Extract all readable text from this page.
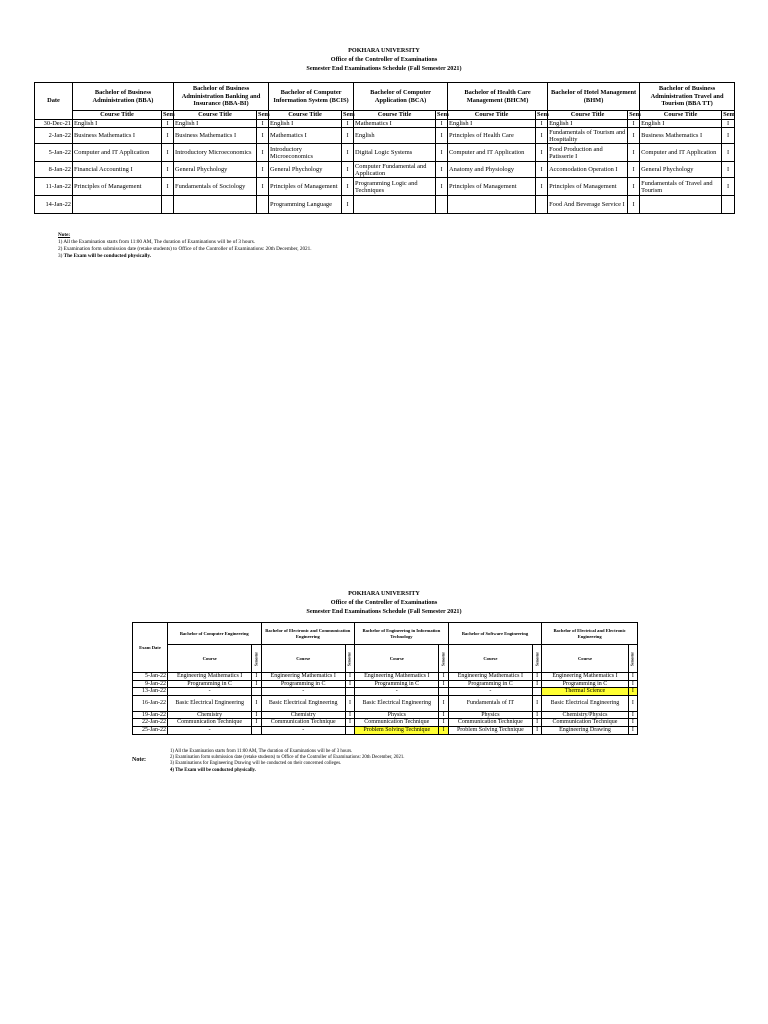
POKHARA UNIVERSITY
Office of the Controller of Examinations
Semester End Examinations Schedule (Fall Semester 2021)
Date	Bachelor of Business Administration (BBA)		Bachelor of Business Administration Banking and Insurance (BBA-BI)		Bachelor of Computer Information System (BCIS)		Bachelor of Computer Application (BCA)		Bachelor of Health Care Management (BHCM)		Bachelor of Hotel Management (BHM)		Bachelor of Business Administration Travel and Tourism (BBA TT)	
	Course Title	Sem	Course Title	Sem	Course Title	Sem	Course Title	Sem	Course Title	Sem	Course Title	Sem	Course Title	Sem
30-Dec-21	English I	I	English I	I	English I	I	Mathematics I	I	English I	I	English I	I	English I	I
2-Jan-22	Business Mathematics I	I	Business Mathematics I	I	Mathematics I	I	English	I	Principles of Health Care	I	Fundamentals of Tourism and Hospitality	I	Business Mathematics I	I
5-Jan-22	Computer and IT Application	I	Introductory Microeconomics	I	Introductory Microeconomics	I	Digital Logic Systems	I	Computer and IT Application	I	Food Production and Patisserie I	I	Computer and IT Application	I
8-Jan-22	Financial Accounting I	I	General Phychology	I	General Phychology	I	Computer Fundamental and Application	I	Anatomy and Physiology	I	Accomodation Operation I	I	General Phychology	I
11-Jan-22	Principles of Management	I	Fundamentals of Sociology	I	Principles of Management	I	Programming Logic and Techniques	I	Principles of Management	I	Principles of Management	I	Fundamentals of Travel and Tourism	I
14-Jan-22					Programming Language	I					Food And Beverage Service I	I		
Note:
1) All the Examination starts from 11:00 AM, The duration of Examinations will be of 3 hours.
2) Examination form submission date (retake students) to Office of the Controller of Examinations: 20th December, 2021.
3) The Exam will be conducted physically.
POKHARA UNIVERSITY
Office of the Controller of Examinations
Semester End Examinations Schedule (Fall Semester 2021)
Exam Date	Bachelor of Computer Engineering		Bachelor of Electronic and Communication Engineering		Bachelor of Engineering in Information Technology		Bachelor of Software Engineering		Bachelor of Electrical and Electronic Engineering	
	Course	Semester	Course	Semester	Course	Semester	Course	Semester	Course	Semester
5-Jan-22	Engineering Mathematics I	I	Engineering Mathematics I	I	Engineering Mathematics I	I	Engineering Mathematics I	I	Engineering Mathematics I	I
9-Jan-22	Programming in C	I	Programming in C	I	Programming in C	I	Programming in C	I	Programming in C	I
13-Jan-22	-		-		-		-		Thermal Science	I
16-Jan-22	Basic Electrical Engineering	I	Basic Electrical Engineering	I	Basic Electrical Engineering	I	Fundamentals of IT	I	Basic Electrical Engineering	I
19-Jan-22	Chemistry	I	Chemistry	I	Physics	I	Physics	I	Chemistry/Physics	I
22-Jan-22	Communication Technique	I	Communication Technique	I	Communication Technique	I	Communication Technique	I	Communication Technique	I
25-Jan-22	-		-		Problem Solving Technique	I	Problem Solving Technique	I	Engineering Drawing	I
Note:
1) All the Examination starts from 11:00 AM, The duration of Examinations will be of 3 hours.
2) Examination form submission date (retake students) to Office of the Controller of Examinations: 20th December, 2021.
3) Examinations for Engineering Drawing will be conducted on their concerned colleges.
4) The Exam will be conducted physically.
